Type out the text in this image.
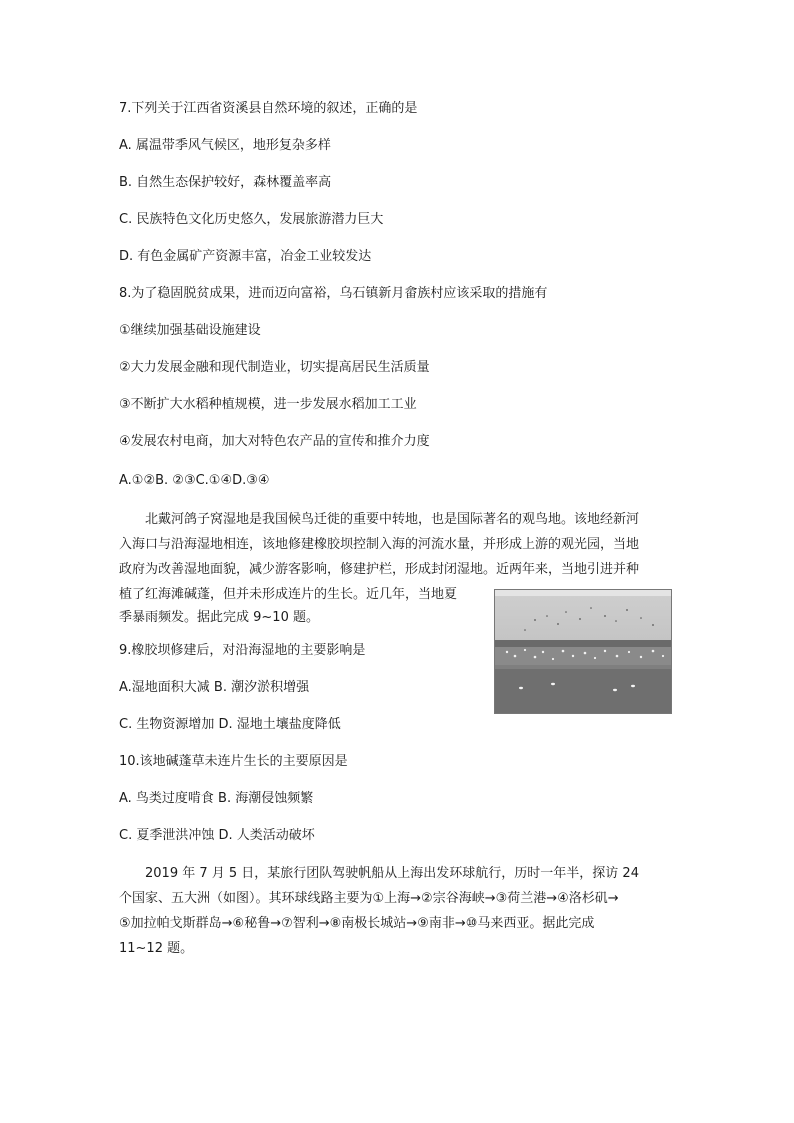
7.下列关于江西省资溪县自然环境的叙述，正确的是
A. 属温带季风气候区，地形复杂多样
B. 自然生态保护较好，森林覆盖率高
C. 民族特色文化历史悠久，发展旅游潜力巨大
D. 有色金属矿产资源丰富，冶金工业较发达
8.为了稳固脱贫成果，进而迈向富裕，乌石镇新月畲族村应该采取的措施有
①继续加强基础设施建设
②大力发展金融和现代制造业，切实提高居民生活质量
③不断扩大水稻种植规模，进一步发展水稻加工工业
④发展农村电商，加大对特色农产品的宣传和推介力度
A.①②B. ②③C.①④D.③④
北戴河鸽子窝湿地是我国候鸟迁徙的重要中转地，也是国际著名的观鸟地。该地经新河
入海口与沿海湿地相连，该地修建橡胶坝控制入海的河流水量，并形成上游的观光园，当地
政府为改善湿地面貌，减少游客影响，修建护栏，形成封闭湿地。近两年来，当地引进并种
植了红海滩碱蓬，但并未形成连片的生长。近几年，当地夏
季暴雨频发。据此完成 9~10 题。
9.橡胶坝修建后，对沿海湿地的主要影响是
A.湿地面积大减 B. 潮汐淤积增强
C. 生物资源增加 D. 湿地土壤盐度降低
10.该地碱蓬草未连片生长的主要原因是
A. 鸟类过度啃食 B. 海潮侵蚀频繁
C. 夏季泄洪冲蚀 D. 人类活动破坏
2019 年 7 月 5 日，某旅行团队驾驶帆船从上海出发环球航行，历时一年半，探访 24
个国家、五大洲（如图）。其环球线路主要为①上海→②宗谷海峡→③荷兰港→④洛杉矶→
⑤加拉帕戈斯群岛→⑥秘鲁→⑦智利→⑧南极长城站→⑨南非→⑩马来西亚。据此完成
11~12 题。
